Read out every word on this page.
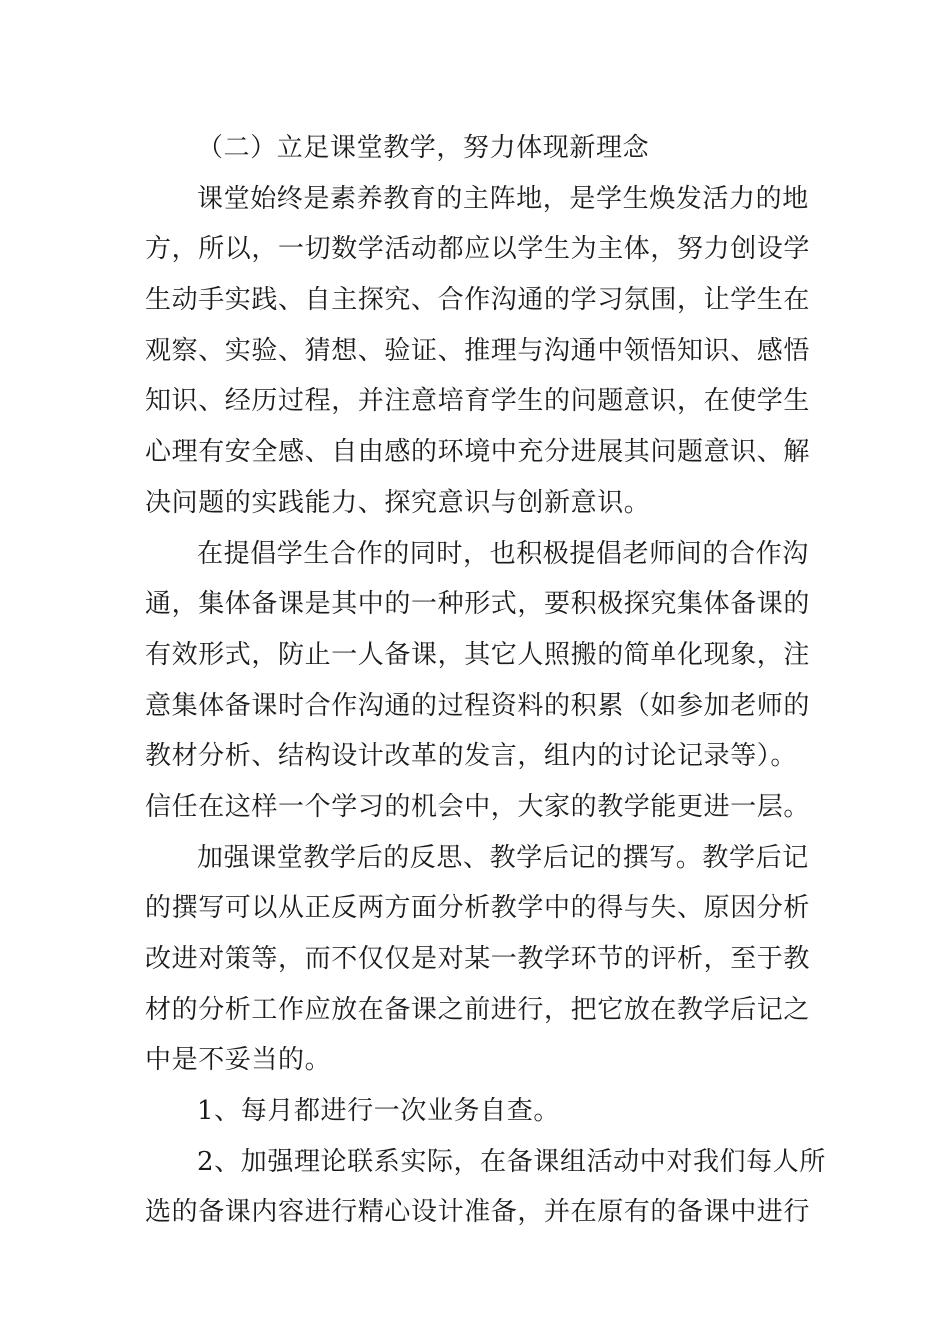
（二）立足课堂教学，努力体现新理念
课堂始终是素养教育的主阵地，是学生焕发活力的地
方，所以，一切数学活动都应以学生为主体，努力创设学
生动手实践、自主探究、合作沟通的学习氛围，让学生在
观察、实验、猜想、验证、推理与沟通中领悟知识、感悟
知识、经历过程，并注意培育学生的问题意识，在使学生
心理有安全感、自由感的环境中充分进展其问题意识、解
决问题的实践能力、探究意识与创新意识。
在提倡学生合作的同时，也积极提倡老师间的合作沟
通，集体备课是其中的一种形式，要积极探究集体备课的
有效形式，防止一人备课，其它人照搬的简单化现象，注
意集体备课时合作沟通的过程资料的积累（如参加老师的
教材分析、结构设计改革的发言，组内的讨论记录等）。
信任在这样一个学习的机会中，大家的教学能更进一层。
加强课堂教学后的反思、教学后记的撰写。教学后记
的撰写可以从正反两方面分析教学中的得与失、原因分析
改进对策等，而不仅仅是对某一教学环节的评析，至于教
材的分析工作应放在备课之前进行，把它放在教学后记之
中是不妥当的。
1、每月都进行一次业务自查。
2、加强理论联系实际，在备课组活动中对我们每人所
选的备课内容进行精心设计准备，并在原有的备课中进行
